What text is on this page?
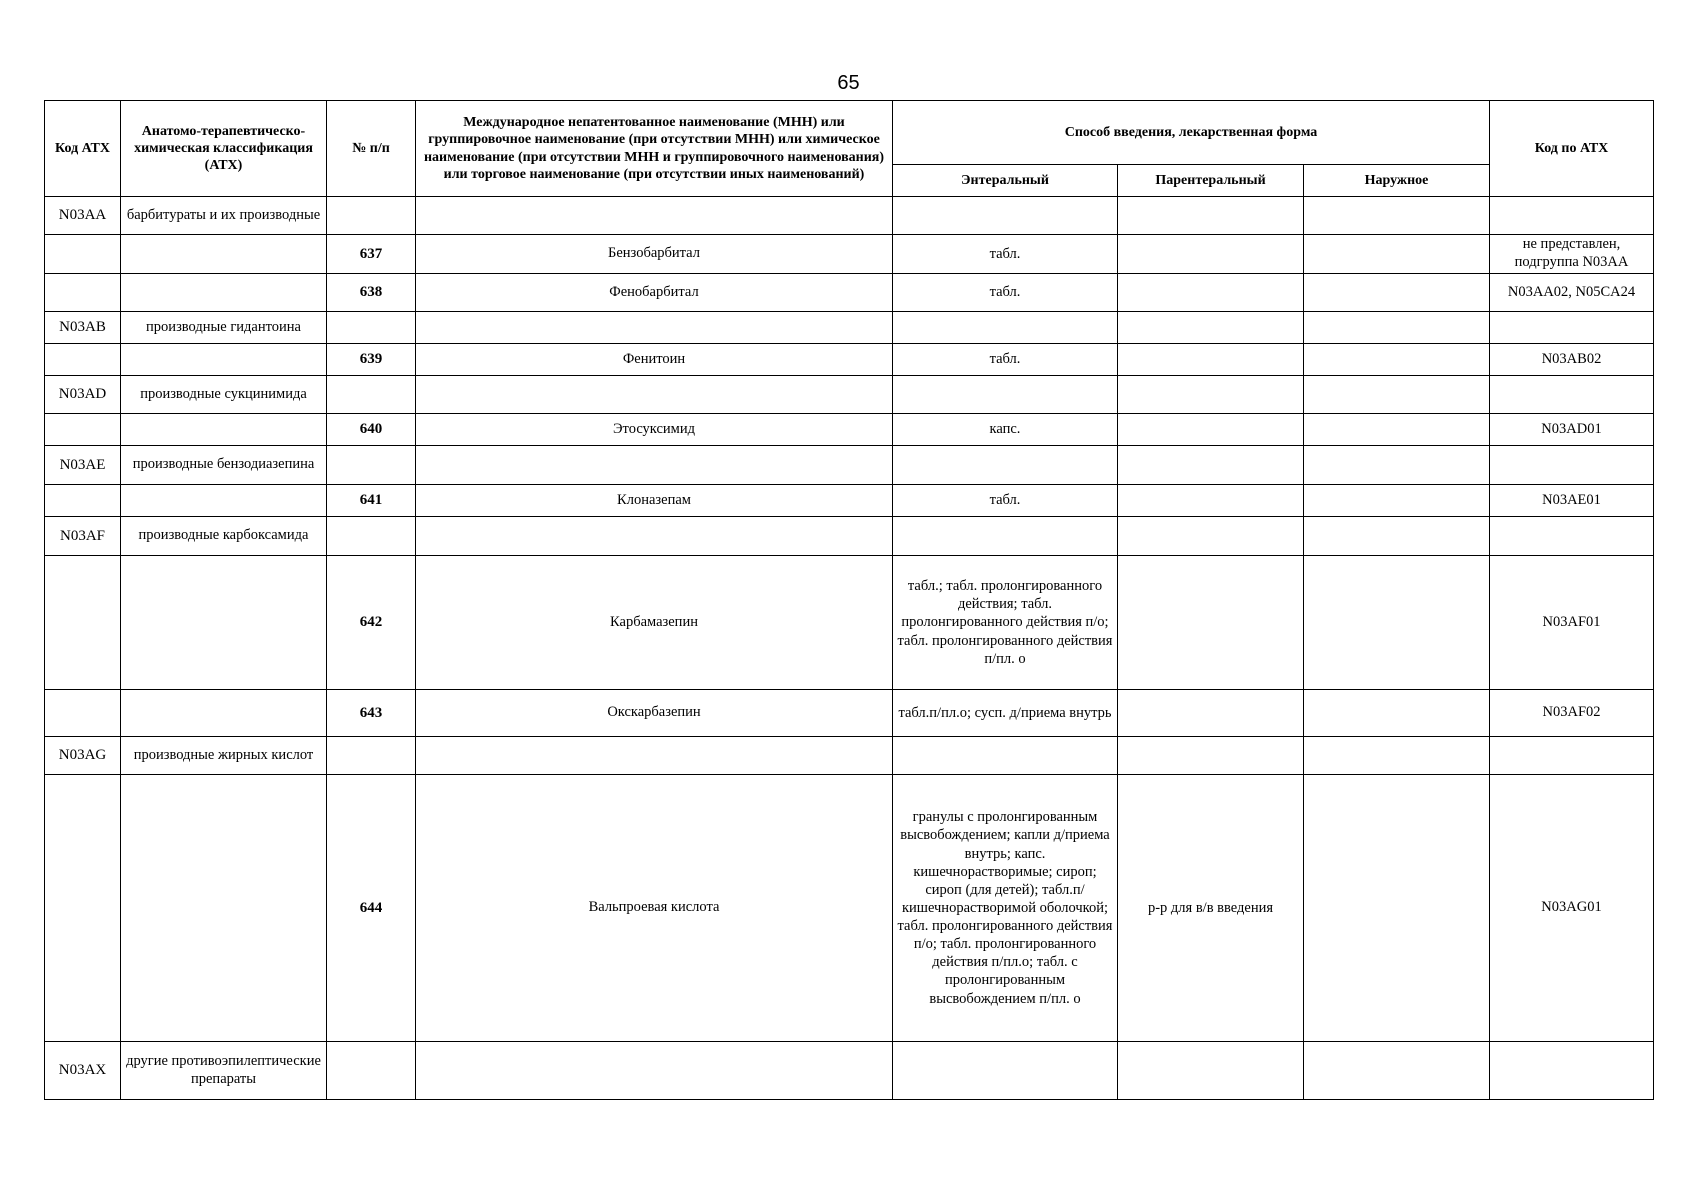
65
Код АТХ	Анатомо-терапевтическо-химическая классификация (АТХ)	№ п/п	Международное непатентованное наименование (МНН) или группировочное наименование (при отсутствии МНН) или химическое наименование (при отсутствии МНН и группировочного наименования) или торговое наименование (при отсутствии иных наименований)	Способ введения, лекарственная форма			Код по АТХ
				Энтеральный	Парентеральный	Наружное	
N03AA	барбитураты и их производные						
		637	Бензобарбитал	табл.			не представлен, подгруппа N03AA
		638	Фенобарбитал	табл.			N03AA02, N05CA24
N03AB	производные гидантоина						
		639	Фенитоин	табл.			N03AB02
N03AD	производные сукцинимида						
		640	Этосуксимид	капс.			N03AD01
N03AE	производные бензодиазепина						
		641	Клоназепам	табл.			N03AE01
N03AF	производные карбоксамида						
		642	Карбамазепин	табл.; табл. пролонгированного действия; табл. пролонгированного действия п/о; табл. пролонгированного действия п/пл. о			N03AF01
		643	Окскарбазепин	табл.п/пл.о; сусп. д/приема внутрь			N03AF02
N03AG	производные жирных кислот						
		644	Вальпроевая кислота	гранулы с пролонгированным высвобождением; капли д/приема внутрь; капс. кишечнорастворимые; сироп; сироп (для детей); табл.п/кишечнорастворимой оболочкой; табл. пролонгированного действия п/о; табл. пролонгированного действия п/пл.о; табл. с пролонгированным высвобождением п/пл. о	р-р для в/в введения		N03AG01
N03AX	другие противоэпилептические препараты						
